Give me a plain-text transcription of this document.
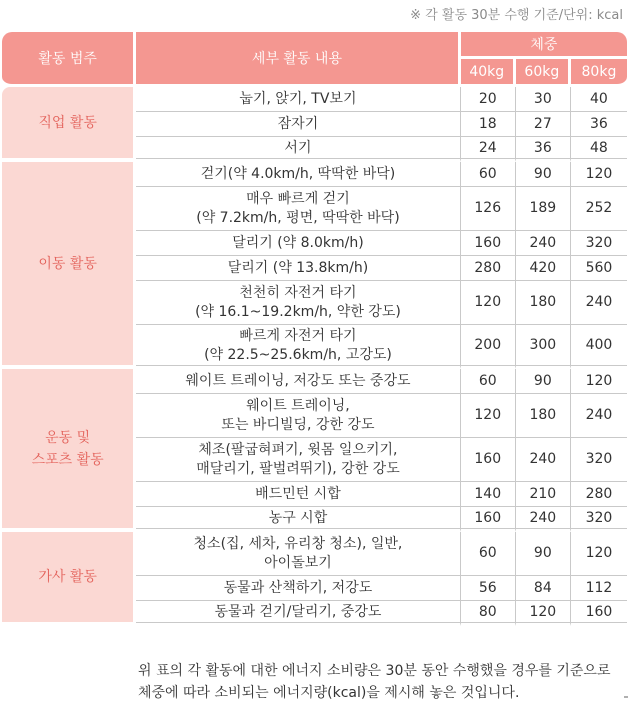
※ 각 활동 30분 수행 기준/단위: kcal
활동 범주	세부 활동 내용	체중		
		40kg	60kg	80kg

직업 활동	눕기, 앉기, TV보기	20	30	40

	잠자기	18	27	36

	서기	24	36	48

이동 활동	걷기(약 4.0km/h, 딱딱한 바닥)	60	90	120

	매우 빠르게 걷기
(약 7.2km/h, 평면, 딱딱한 바닥)	126	189	252

	달리기 (약 8.0km/h)	160	240	320

	달리기 (약 13.8km/h)	280	420	560

	천천히 자전거 타기
(약 16.1~19.2km/h, 약한 강도)	120	180	240

	빠르게 자전거 타기
(약 22.5~25.6km/h, 고강도)	200	300	400

운동 및
스포츠 활동	웨이트 트레이닝, 저강도 또는 중강도	60	90	120

	웨이트 트레이닝,
또는 바디빌딩, 강한 강도	120	180	240

	체조(팔굽혀펴기, 윗몸 일으키기,
매달리기, 팔벌려뛰기), 강한 강도	160	240	320

	배드민턴 시합	140	210	280

	농구 시합	160	240	320

가사 활동	청소(집, 세차, 유리창 청소), 일반,
아이돌보기	60	90	120

	동물과 산책하기, 저강도	56	84	112

	동물과 걷기/달리기, 중강도	80	120	160
위 표의 각 활동에 대한 에너지 소비량은 30분 동안 수행했을 경우를 기준으로
체중에 따라 소비되는 에너지량(kcal)을 제시해 놓은 것입니다.
